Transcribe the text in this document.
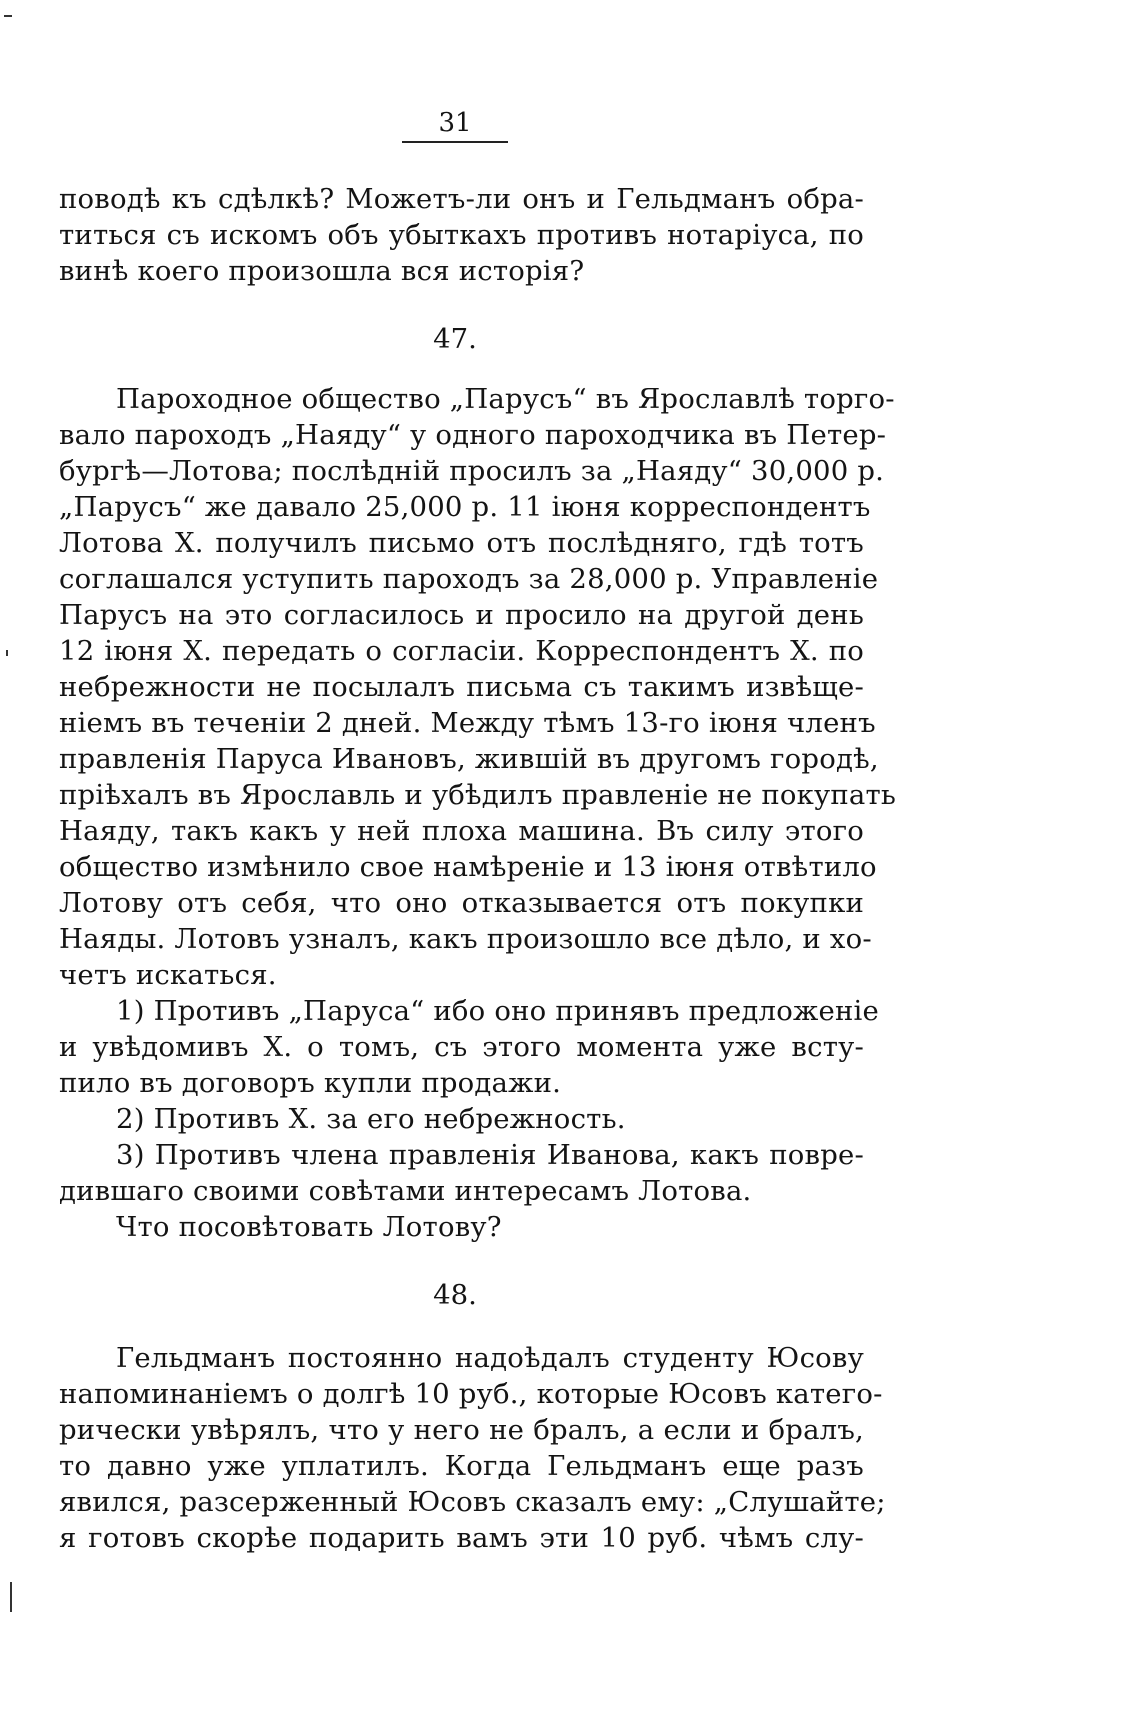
31
поводѣ къ сдѣлкѣ? Можетъ-ли онъ и Гельдманъ обра-
титься съ искомъ объ убыткахъ противъ нотаріуса, по
винѣ коего произошла вся исторія?
47.
Пароходное общество „Парусъ“ въ Ярославлѣ торго-
вало пароходъ „Наяду“ у одного пароходчика въ Петер-
бургѣ—Лотова; послѣдній просилъ за „Наяду“ 30,000 р.
„Парусъ“ же давало 25,000 р. 11 іюня корреспондентъ
Лотова X. получилъ письмо отъ послѣдняго, гдѣ тотъ
соглашался уступить пароходъ за 28,000 р. Управленіе
Парусъ на это согласилось и просило на другой день
12 іюня X. передать о согласіи. Корреспондентъ X. по
небрежности не посылалъ письма съ такимъ извѣще-
ніемъ въ теченіи 2 дней. Между тѣмъ 13-го іюня членъ
правленія Паруса Ивановъ, жившій въ другомъ городѣ,
пріѣхалъ въ Ярославль и убѣдилъ правленіе не покупать
Наяду, такъ какъ у ней плоха машина. Въ силу этого
общество измѣнило свое намѣреніе и 13 іюня отвѣтило
Лотову отъ себя, что оно отказывается отъ покупки
Наяды. Лотовъ узналъ, какъ произошло все дѣло, и хо-
четъ искаться.
1) Противъ „Паруса“ ибо оно принявъ предложеніе
и увѣдомивъ X. о томъ, съ этого момента уже всту-
пило въ договоръ купли продажи.
2) Противъ X. за его небрежность.
3) Противъ члена правленія Иванова, какъ повре-
дившаго своими совѣтами интересамъ Лотова.
Что посовѣтовать Лотову?
48.
Гельдманъ постоянно надоѣдалъ студенту Юсову
напоминаніемъ о долгѣ 10 руб., которые Юсовъ катего-
рически увѣрялъ, что у него не бралъ, а если и бралъ,
то давно уже уплатилъ. Когда Гельдманъ еще разъ
явился, разсерженный Юсовъ сказалъ ему: „Слушайте;
я готовъ скорѣе подарить вамъ эти 10 руб. чѣмъ слу-
